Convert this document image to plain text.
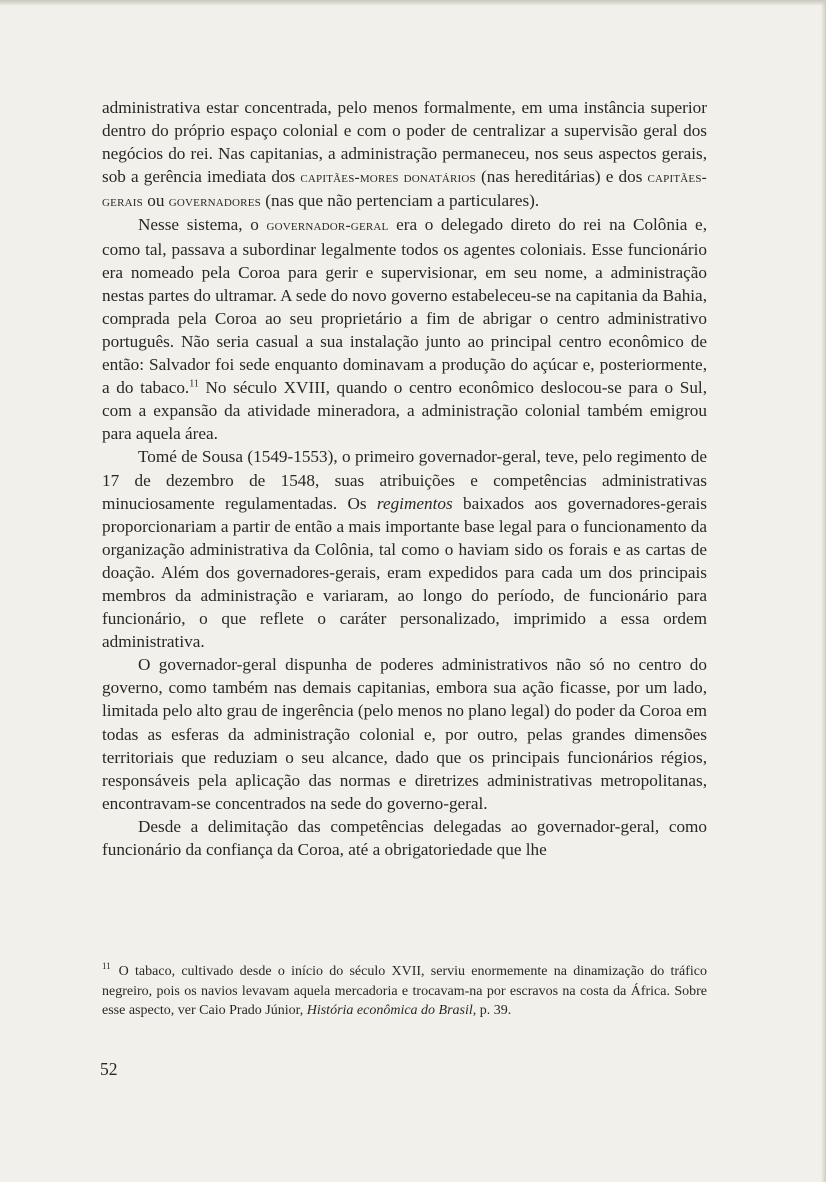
administrativa estar concentrada, pelo menos formalmente, em uma instância superior dentro do próprio espaço colonial e com o poder de centralizar a supervisão geral dos negócios do rei. Nas capitanias, a administração permaneceu, nos seus aspectos gerais, sob a gerência imediata dos capitães-mores donatários (nas hereditárias) e dos capitães-gerais ou governadores (nas que não pertenciam a particulares).

Nesse sistema, o governador-geral era o delegado direto do rei na Colônia e, como tal, passava a subordinar legalmente todos os agentes coloniais. Esse funcionário era nomeado pela Coroa para gerir e supervisionar, em seu nome, a administração nestas partes do ultramar. A sede do novo governo estabeleceu-se na capitania da Bahia, comprada pela Coroa ao seu proprietário a fim de abrigar o centro administrativo português. Não seria casual a sua instalação junto ao principal centro econômico de então: Salvador foi sede enquanto dominavam a produção do açúcar e, posteriormente, a do tabaco.$^{11}$ No século XVIII, quando o centro econômico deslocou-se para o Sul, com a expansão da atividade mineradora, a administração colonial também emigrou para aquela área.

Tomé de Sousa (1549-1553), o primeiro governador-geral, teve, pelo regimento de 17 de dezembro de 1548, suas atribuições e competências administrativas minuciosamente regulamentadas. Os regimentos baixados aos governadores-gerais proporcionariam a partir de então a mais importante base legal para o funcionamento da organização administrativa da Colônia, tal como o haviam sido os forais e as cartas de doação. Além dos governadores-gerais, eram expedidos para cada um dos principais membros da administração e variaram, ao longo do período, de funcionário para funcionário, o que reflete o caráter personalizado, imprimido a essa ordem administrativa.

O governador-geral dispunha de poderes administrativos não só no centro do governo, como também nas demais capitanias, embora sua ação ficasse, por um lado, limitada pelo alto grau de ingerência (pelo menos no plano legal) do poder da Coroa em todas as esferas da administração colonial e, por outro, pelas grandes dimensões territoriais que reduziam o seu alcance, dado que os principais funcionários régios, responsáveis pela aplicação das normas e diretrizes administrativas metropolitanas, encontravam-se concentrados na sede do governo-geral.

Desde a delimitação das competências delegadas ao governador-geral, como funcionário da confiança da Coroa, até a obrigatoriedade que lhe

$^{11}$ O tabaco, cultivado desde o início do século XVII, serviu enormemente na dinamização do tráfico negreiro, pois os navios levavam aquela mercadoria e trocavam-na por escravos na costa da África. Sobre esse aspecto, ver Caio Prado Júnior, História econômica do Brasil, p. 39.

52
